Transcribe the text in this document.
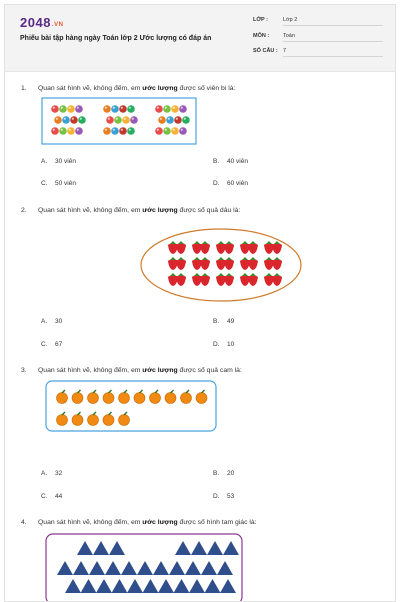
2048.VN
Phiếu bài tập hàng ngày Toán lớp 2 Ước lượng có đáp án
LỚP :	Lớp 2
MÔN :	Toán
SỐ CÂU : 7
1. Quan sát hình vẽ, không đếm, em ước lượng được số viên bi là:
A. 30 viên	B. 40 viên
C. 50 viên	D. 60 viên
2. Quan sát hình vẽ, không đếm, em ước lượng được số quả dâu là:
A. 30	B. 49
C. 67	D. 10
3. Quan sát hình vẽ, không đếm, em ước lượng được số quả cam là:
A. 32	B. 20
C. 44	D. 53
4. Quan sát hình vẽ, không đếm, em ước lượng được số hình tam giác là:
